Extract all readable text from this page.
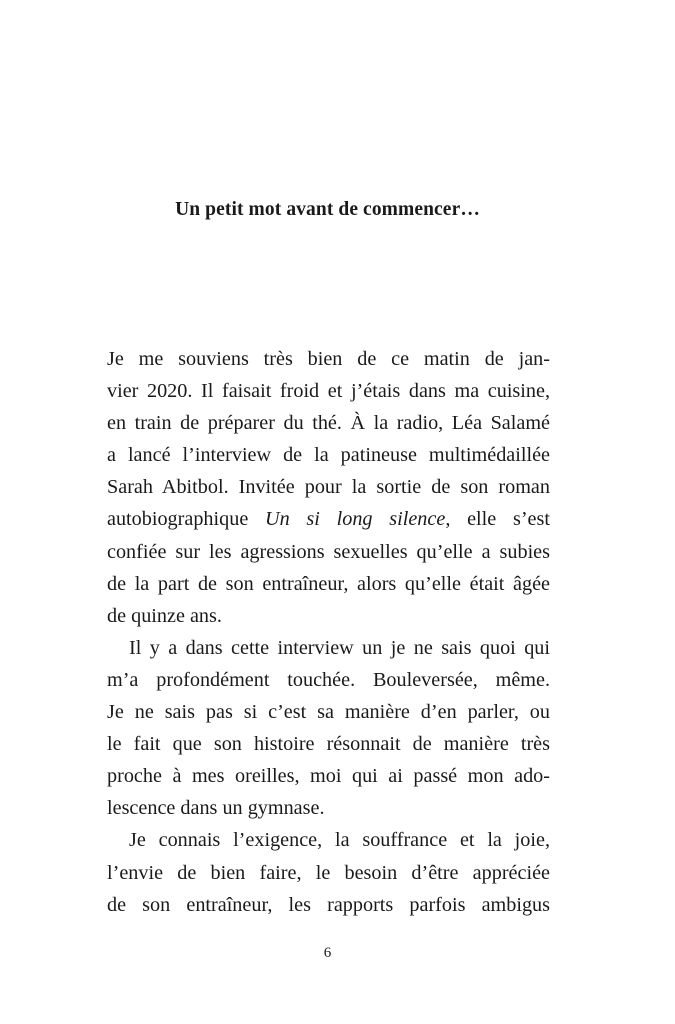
Un petit mot avant de commencer…
Je me souviens très bien de ce matin de jan-
vier 2020. Il faisait froid et j’étais dans ma cuisine,
en train de préparer du thé. À la radio, Léa Salamé
a lancé l’interview de la patineuse multimédaillée
Sarah Abitbol. Invitée pour la sortie de son roman
autobiographique Un si long silence, elle s’est
confiée sur les agressions sexuelles qu’elle a subies
de la part de son entraîneur, alors qu’elle était âgée
de quinze ans.
Il y a dans cette interview un je ne sais quoi qui
m’a profondément touchée. Bouleversée, même.
Je ne sais pas si c’est sa manière d’en parler, ou
le fait que son histoire résonnait de manière très
proche à mes oreilles, moi qui ai passé mon ado-
lescence dans un gymnase.
Je connais l’exigence, la souffrance et la joie,
l’envie de bien faire, le besoin d’être appréciée
de son entraîneur, les rapports parfois ambigus
6
